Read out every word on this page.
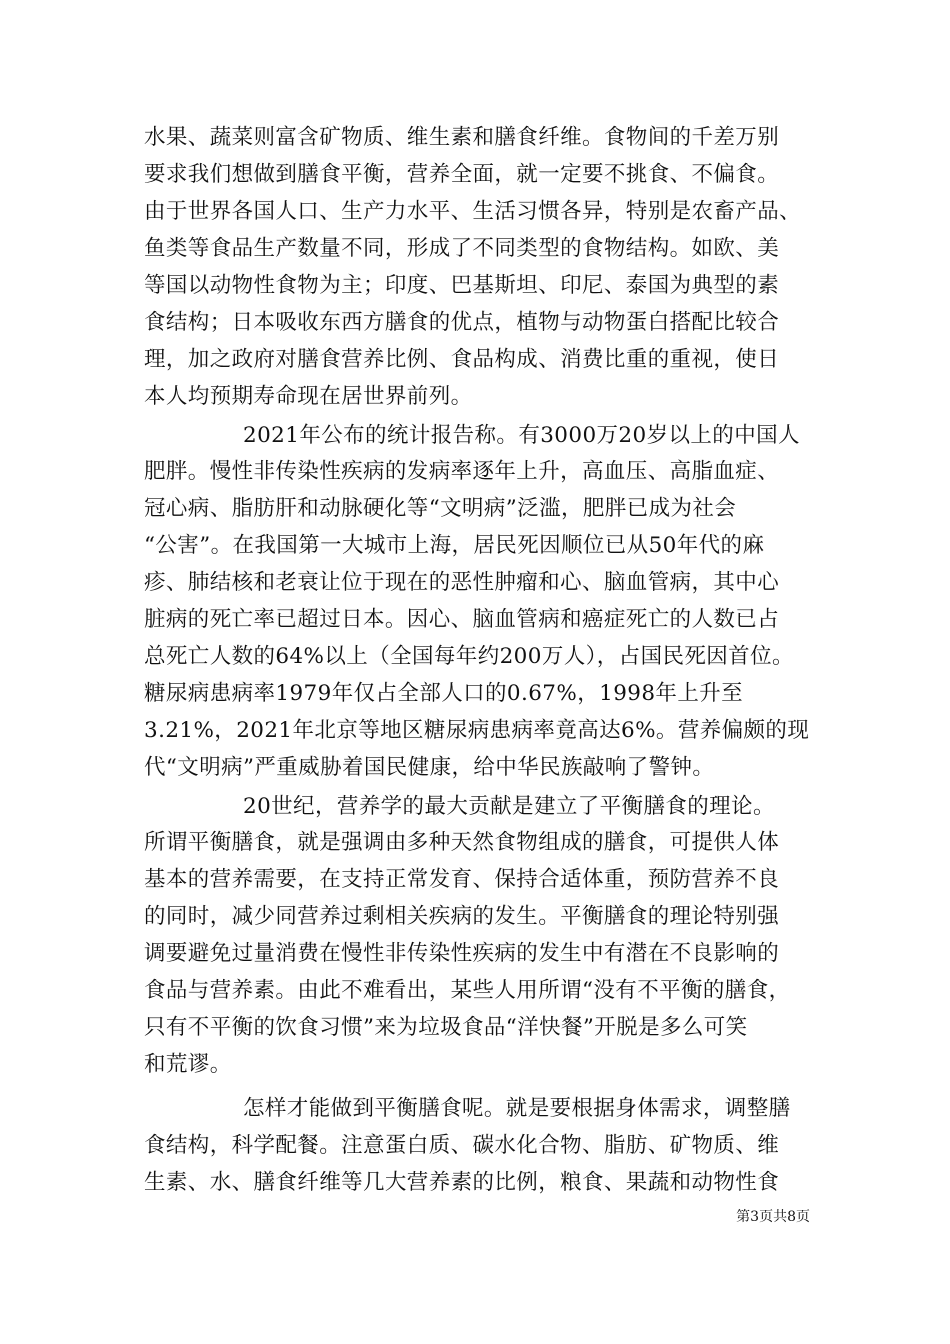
水果、蔬菜则富含矿物质、维生素和膳食纤维。食物间的千差万别
要求我们想做到膳食平衡，营养全面，就一定要不挑食、不偏食。
由于世界各国人口、生产力水平、生活习惯各异，特别是农畜产品、
鱼类等食品生产数量不同，形成了不同类型的食物结构。如欧、美
等国以动物性食物为主；印度、巴基斯坦、印尼、泰国为典型的素
食结构；日本吸收东西方膳食的优点，植物与动物蛋白搭配比较合
理，加之政府对膳食营养比例、食品构成、消费比重的重视，使日
本人均预期寿命现在居世界前列。
2021年公布的统计报告称。有3000万20岁以上的中国人
肥胖。慢性非传染性疾病的发病率逐年上升，高血压、高脂血症、
冠心病、脂肪肝和动脉硬化等“文明病”泛滥，肥胖已成为社会
“公害”。在我国第一大城市上海，居民死因顺位已从50年代的麻
疹、肺结核和老衰让位于现在的恶性肿瘤和心、脑血管病，其中心
脏病的死亡率已超过日本。因心、脑血管病和癌症死亡的人数已占
总死亡人数的64%以上（全国每年约200万人），占国民死因首位。
糖尿病患病率1979年仅占全部人口的0.67%，1998年上升至
3.21%，2021年北京等地区糖尿病患病率竟高达6%。营养偏颇的现
代“文明病”严重威胁着国民健康，给中华民族敲响了警钟。
20世纪，营养学的最大贡献是建立了平衡膳食的理论。
所谓平衡膳食，就是强调由多种天然食物组成的膳食，可提供人体
基本的营养需要，在支持正常发育、保持合适体重，预防营养不良
的同时，减少同营养过剩相关疾病的发生。平衡膳食的理论特别强
调要避免过量消费在慢性非传染性疾病的发生中有潜在不良影响的
食品与营养素。由此不难看出，某些人用所谓“没有不平衡的膳食，
只有不平衡的饮食习惯”来为垃圾食品“洋快餐”开脱是多么可笑
和荒谬。
怎样才能做到平衡膳食呢。就是要根据身体需求，调整膳
食结构，科学配餐。注意蛋白质、碳水化合物、脂肪、矿物质、维
生素、水、膳食纤维等几大营养素的比例，粮食、果蔬和动物性食
第3页共8页
